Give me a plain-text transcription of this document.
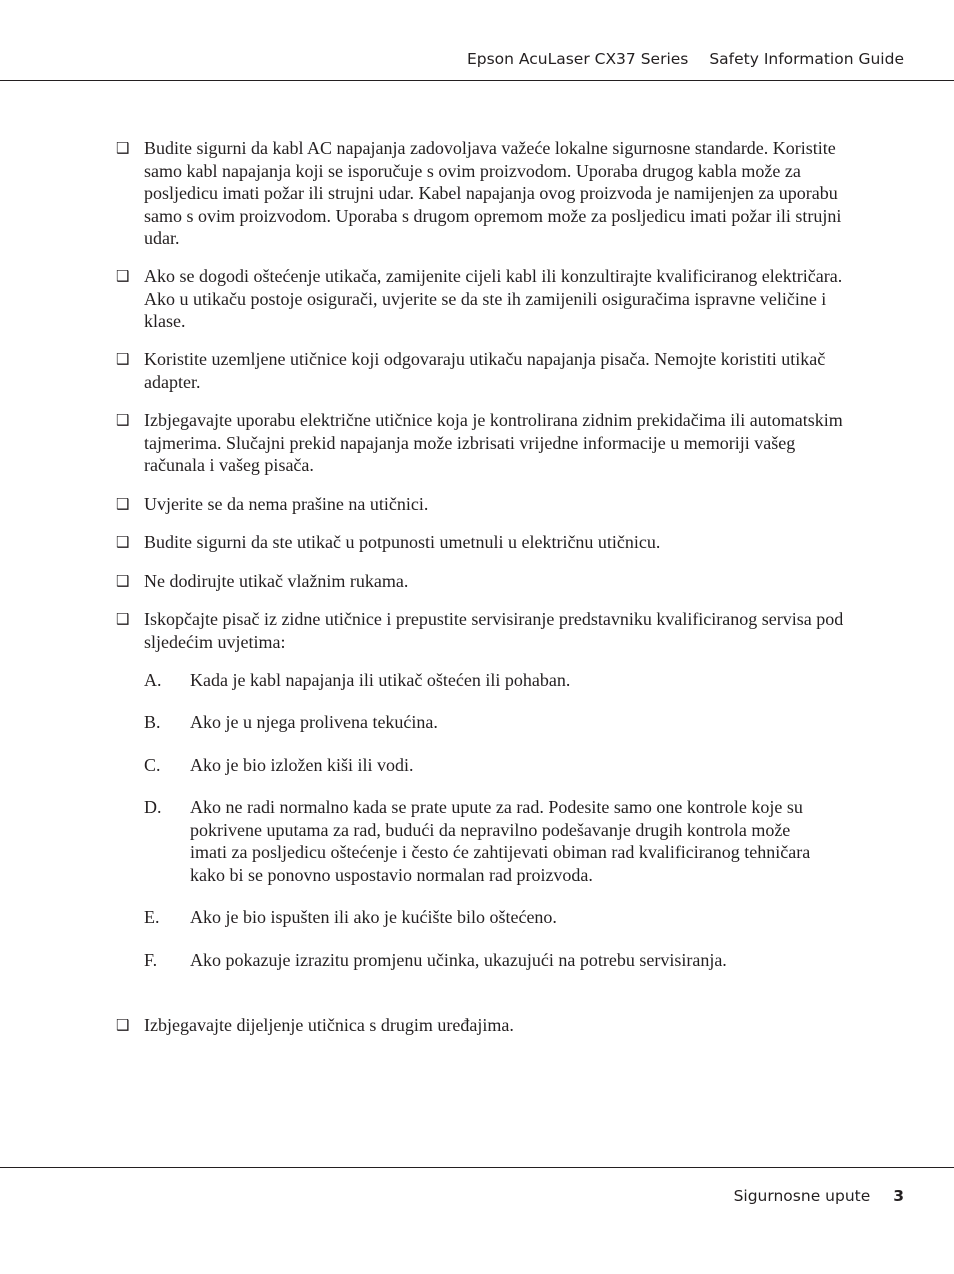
Epson AcuLaser CX37 Series Safety Information Guide
❑ Budite sigurni da kabl AC napajanja zadovoljava važeće lokalne sigurnosne standarde. Koristite
samo kabl napajanja koji se isporučuje s ovim proizvodom. Uporaba drugog kabla može za
posljedicu imati požar ili strujni udar. Kabel napajanja ovog proizvoda je namijenjen za uporabu
samo s ovim proizvodom. Uporaba s drugom opremom može za posljedicu imati požar ili strujni
udar.
❑ Ako se dogodi oštećenje utikača, zamijenite cijeli kabl ili konzultirajte kvalificiranog električara.
Ako u utikaču postoje osigurači, uvjerite se da ste ih zamijenili osiguračima ispravne veličine i
klase.
❑ Koristite uzemljene utičnice koji odgovaraju utikaču napajanja pisača. Nemojte koristiti utikač
adapter.
❑ Izbjegavajte uporabu električne utičnice koja je kontrolirana zidnim prekidačima ili automatskim
tajmerima. Slučajni prekid napajanja može izbrisati vrijedne informacije u memoriji vašeg
računala i vašeg pisača.
❑ Uvjerite se da nema prašine na utičnici.
❑ Budite sigurni da ste utikač u potpunosti umetnuli u električnu utičnicu.
❑ Ne dodirujte utikač vlažnim rukama.
❑ Iskopčajte pisač iz zidne utičnice i prepustite servisiranje predstavniku kvalificiranog servisa pod
sljedećim uvjetima:
❑ Izbjegavajte dijeljenje utičnica s drugim uređajima.
A. Kada je kabl napajanja ili utikač oštećen ili pohaban.
B. Ako je u njega prolivena tekućina.
C. Ako je bio izložen kiši ili vodi.
D. Ako ne radi normalno kada se prate upute za rad. Podesite samo one kontrole koje su
pokrivene uputama za rad, budući da nepravilno podešavanje drugih kontrola može
imati za posljedicu oštećenje i često će zahtijevati obiman rad kvalificiranog tehničara
kako bi se ponovno uspostavio normalan rad proizvoda.
E. Ako je bio ispušten ili ako je kućište bilo oštećeno.
F. Ako pokazuje izrazitu promjenu učinka, ukazujući na potrebu servisiranja.
Sigurnosne upute 3
